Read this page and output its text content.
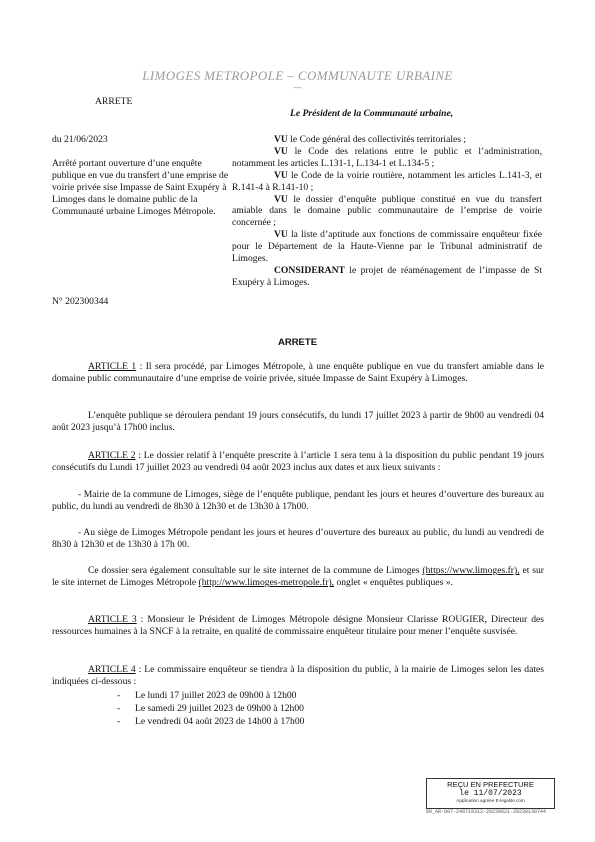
LIMOGES METROPOLE – COMMUNAUTE URBAINE
---
ARRETE
Le Président de la Communauté urbaine,
du 21/06/2023
Arrêté portant ouverture d’une enquête publique en vue du transfert d’une emprise de voirie privée sise Impasse de Saint Exupéry à Limoges dans le domaine public de la Communauté urbaine Limoges Métropole.
N° 202300344

VU le Code général des collectivités territoriales ;

VU le Code des relations entre le public et l’administration, notamment les articles L.131-1, L.134-1 et L.134-5 ;

VU le Code de la voirie routière, notamment les articles L.141-3, et R.141-4 à R.141-10 ;

VU le dossier d’enquête publique constitué en vue du transfert amiable dans le domaine public communautaire de l’emprise de voirie concernée ;

VU la liste d’aptitude aux fonctions de commissaire enquêteur fixée pour le Département de la Haute-Vienne par le Tribunal administratif de Limoges.

CONSIDERANT le projet de réaménagement de l’impasse de St Exupéry à Limoges.

ARRETE

ARTICLE 1 : Il sera procédé, par Limoges Métropole, à une enquête publique en vue du transfert amiable dans le domaine public communautaire d’une emprise de voirie privée, située Impasse de Saint Exupéry à Limoges.

L’enquête publique se déroulera pendant 19 jours consécutifs, du lundi 17 juillet 2023 à partir de 9h00 au vendredi 04 août 2023 jusqu’à 17h00 inclus.

ARTICLE 2 : Le dossier relatif à l’enquête prescrite à l’article 1 sera tenu à la disposition du public pendant 19 jours consécutifs du Lundi 17 juillet 2023 au vendredi 04 août 2023 inclus aux dates et aux lieux suivants :

- Mairie de la commune de Limoges, siège de l’enquête publique, pendant les jours et heures d’ouverture des bureaux au public, du lundi au vendredi de 8h30 à 12h30 et de 13h30 à 17h00.

- Au siège de Limoges Métropole pendant les jours et heures d’ouverture des bureaux au public, du lundi au vendredi de 8h30 à 12h30 et de 13h30 à 17h 00.

Ce dossier sera également consultable sur le site internet de la commune de Limoges (https://www.limoges.fr), et sur le site internet de Limoges Métropole (http://www.limoges-metropole.fr), onglet « enquêtes publiques ».

ARTICLE 3 : Monsieur le Président de Limoges Métropole désigne Monsieur Clarisse ROUGIER, Directeur des ressources humaines à la SNCF à la retraite, en qualité de commissaire enquêteur titulaire pour mener l’enquête susvisée.

ARTICLE 4 : Le commissaire enquêteur se tiendra à la disposition du public, à la mairie de Limoges selon les dates indiquées ci-dessous :

- Le lundi 17 juillet 2023 de 09h00 à 12h00
- Le samedi 29 juillet 2023 de 09h00 à 12h00
- Le vendredi 04 août 2023 de 14h00 à 17h00
REÇU EN PREFECTURE
le 11/07/2023
Application agréée E-legalite.com
99_AR-087-248719312-20230621-20230130744
